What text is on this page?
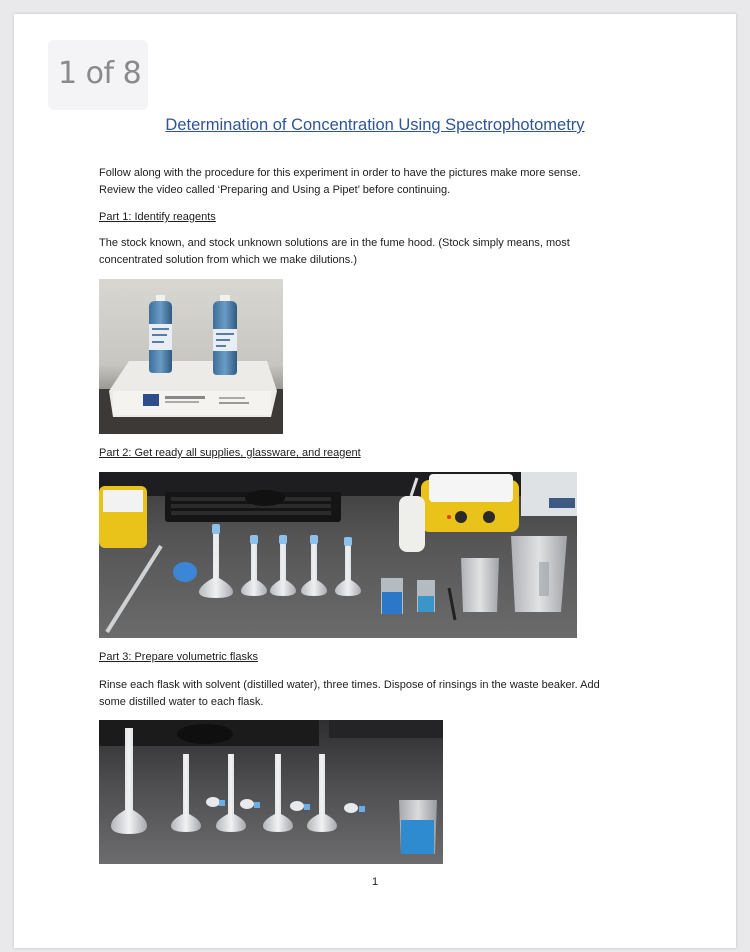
1 of 8
Determination of Concentration Using Spectrophotometry
Follow along with the procedure for this experiment in order to have the pictures make more sense.
Review the video called ‘Preparing and Using a Pipet’ before continuing.
Part 1: Identify reagents
The stock known, and stock unknown solutions are in the fume hood. (Stock simply means, most
concentrated solution from which we make dilutions.)
Part 2: Get ready all supplies, glassware, and reagent
Part 3: Prepare volumetric flasks
Rinse each flask with solvent (distilled water), three times. Dispose of rinsings in the waste beaker. Add
some distilled water to each flask.
1
